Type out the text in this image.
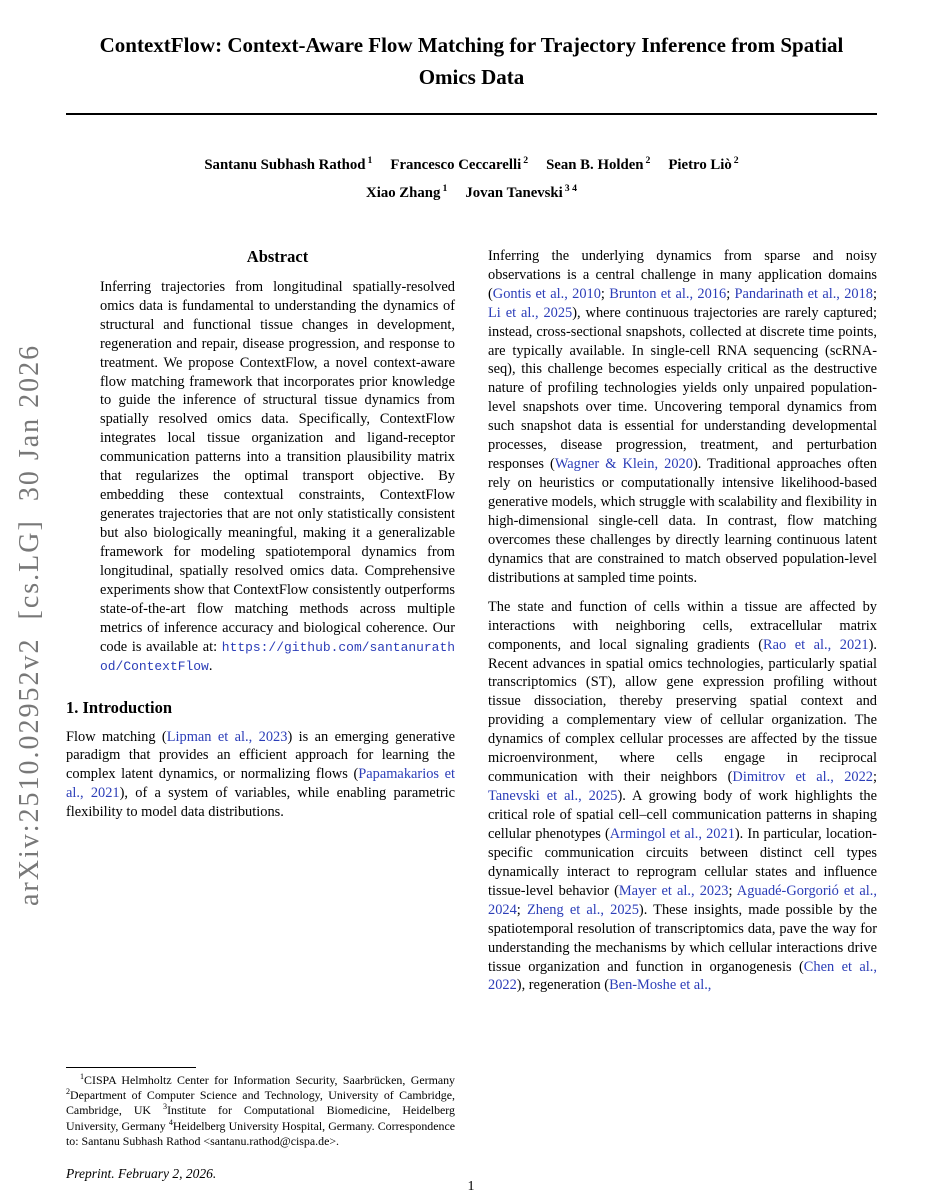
arXiv:2510.02952v2  [cs.LG]  30 Jan 2026
ContextFlow: Context-Aware Flow Matching for Trajectory Inference from Spatial Omics Data
Santanu Subhash Rathod $^1$ Francesco Ceccarelli $^2$ Sean B. Holden $^2$ Pietro Liò $^2$
Xiao Zhang $^1$ Jovan Tanevski $^{3 4}$
Abstract

Inferring trajectories from longitudinal spatially-resolved omics data is fundamental to understanding the dynamics of structural and functional tissue changes in development, regeneration and repair, disease progression, and response to treatment. We propose ContextFlow, a novel context-aware flow matching framework that incorporates prior knowledge to guide the inference of structural tissue dynamics from spatially resolved omics data. Specifically, ContextFlow integrates local tissue organization and ligand-receptor communication patterns into a transition plausibility matrix that regularizes the optimal transport objective. By embedding these contextual constraints, ContextFlow generates trajectories that are not only statistically consistent but also biologically meaningful, making it a generalizable framework for modeling spatiotemporal dynamics from longitudinal, spatially resolved omics data. Comprehensive experiments show that ContextFlow consistently outperforms state-of-the-art flow matching methods across multiple metrics of inference accuracy and biological coherence. Our code is available at: https://github.com/santanurathod/ContextFlow.

1. Introduction

Flow matching (Lipman et al., 2023) is an emerging generative paradigm that provides an efficient approach for learning the complex latent dynamics, or normalizing flows (Papamakarios et al., 2021), of a system of variables, while enabling parametric flexibility to model data distributions.

$^1$CISPA Helmholtz Center for Information Security, Saarbrücken, Germany $^2$Department of Computer Science and Technology, University of Cambridge, Cambridge, UK $^3$Institute for Computational Biomedicine, Heidelberg University, Germany $^4$Heidelberg University Hospital, Germany. Correspondence to: Santanu Subhash Rathod <santanu.rathod@cispa.de>.

Preprint. February 2, 2026.

Inferring the underlying dynamics from sparse and noisy observations is a central challenge in many application domains (Gontis et al., 2010; Brunton et al., 2016; Pandarinath et al., 2018; Li et al., 2025), where continuous trajectories are rarely captured; instead, cross-sectional snapshots, collected at discrete time points, are typically available. In single-cell RNA sequencing (scRNA-seq), this challenge becomes especially critical as the destructive nature of profiling technologies yields only unpaired population-level snapshots over time. Uncovering temporal dynamics from such snapshot data is essential for understanding developmental processes, disease progression, treatment, and perturbation responses (Wagner & Klein, 2020). Traditional approaches often rely on heuristics or computationally intensive likelihood-based generative models, which struggle with scalability and flexibility in high-dimensional single-cell data. In contrast, flow matching overcomes these challenges by directly learning continuous latent dynamics that are constrained to match observed population-level distributions at sampled time points.

The state and function of cells within a tissue are affected by interactions with neighboring cells, extracellular matrix components, and local signaling gradients (Rao et al., 2021). Recent advances in spatial omics technologies, particularly spatial transcriptomics (ST), allow gene expression profiling without tissue dissociation, thereby preserving spatial context and providing a complementary view of cellular organization. The dynamics of complex cellular processes are affected by the tissue microenvironment, where cells engage in reciprocal communication with their neighbors (Dimitrov et al., 2022; Tanevski et al., 2025). A growing body of work highlights the critical role of spatial cell–cell communication patterns in shaping cellular phenotypes (Armingol et al., 2021). In particular, location-specific communication circuits between distinct cell types dynamically interact to reprogram cellular states and influence tissue-level behavior (Mayer et al., 2023; Aguadé-Gorgorió et al., 2024; Zheng et al., 2025). These insights, made possible by the spatiotemporal resolution of transcriptomics data, pave the way for understanding the mechanisms by which cellular interactions drive tissue organization and function in organogenesis (Chen et al., 2022), regeneration (Ben-Moshe et al.,

1
